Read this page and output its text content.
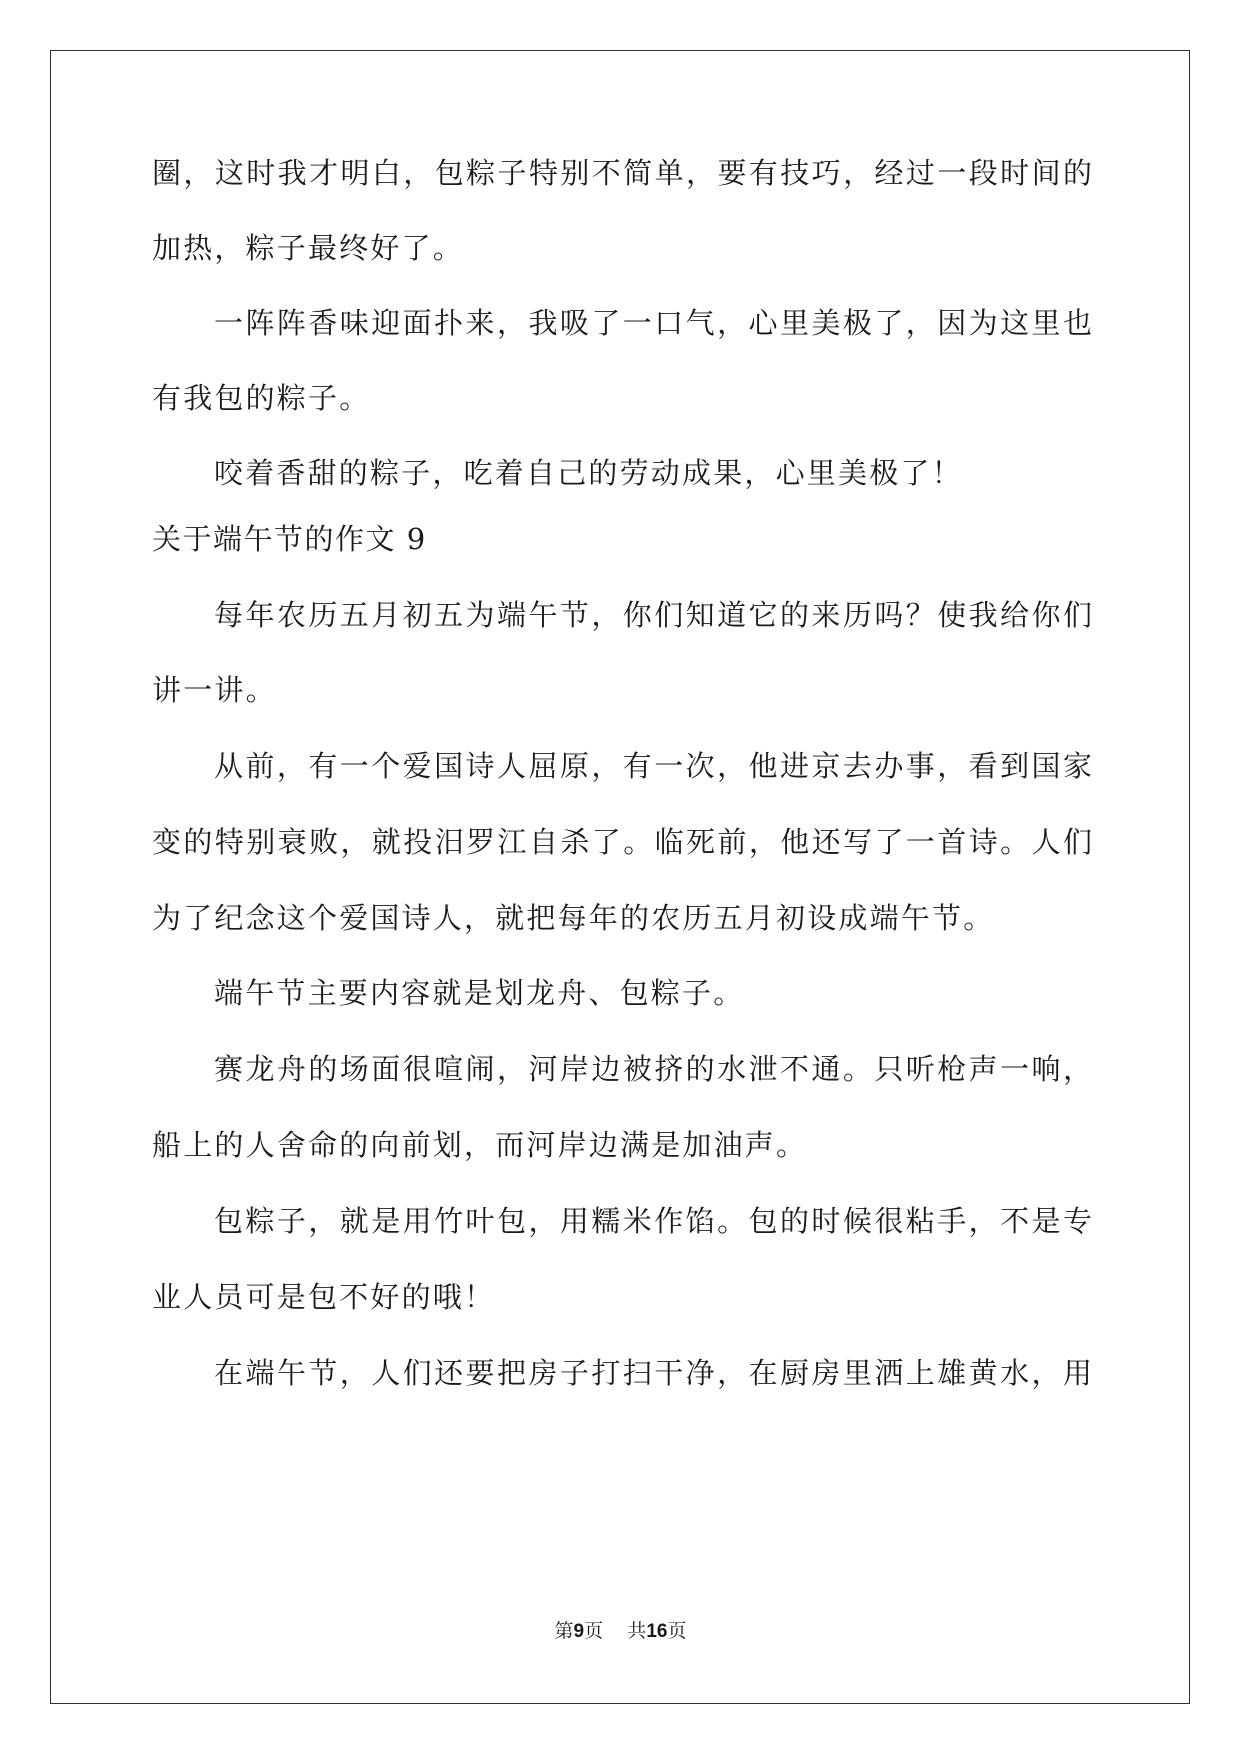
圈，这时我才明白，包粽子特别不简单，要有技巧，经过一段时间的
加热，粽子最终好了。
一阵阵香味迎面扑来，我吸了一口气，心里美极了，因为这里也
有我包的粽子。
咬着香甜的粽子，吃着自己的劳动成果，心里美极了！
关于端午节的作文 9
每年农历五月初五为端午节，你们知道它的来历吗？使我给你们
讲一讲。
从前，有一个爱国诗人屈原，有一次，他进京去办事，看到国家
变的特别衰败，就投汨罗江自杀了。临死前，他还写了一首诗。人们
为了纪念这个爱国诗人，就把每年的农历五月初设成端午节。
端午节主要内容就是划龙舟、包粽子。
赛龙舟的场面很喧闹，河岸边被挤的水泄不通。只听枪声一响，
船上的人舍命的向前划，而河岸边满是加油声。
包粽子，就是用竹叶包，用糯米作馅。包的时候很粘手，不是专
业人员可是包不好的哦！
在端午节，人们还要把房子打扫干净，在厨房里洒上雄黄水，用
第9页 共16页
